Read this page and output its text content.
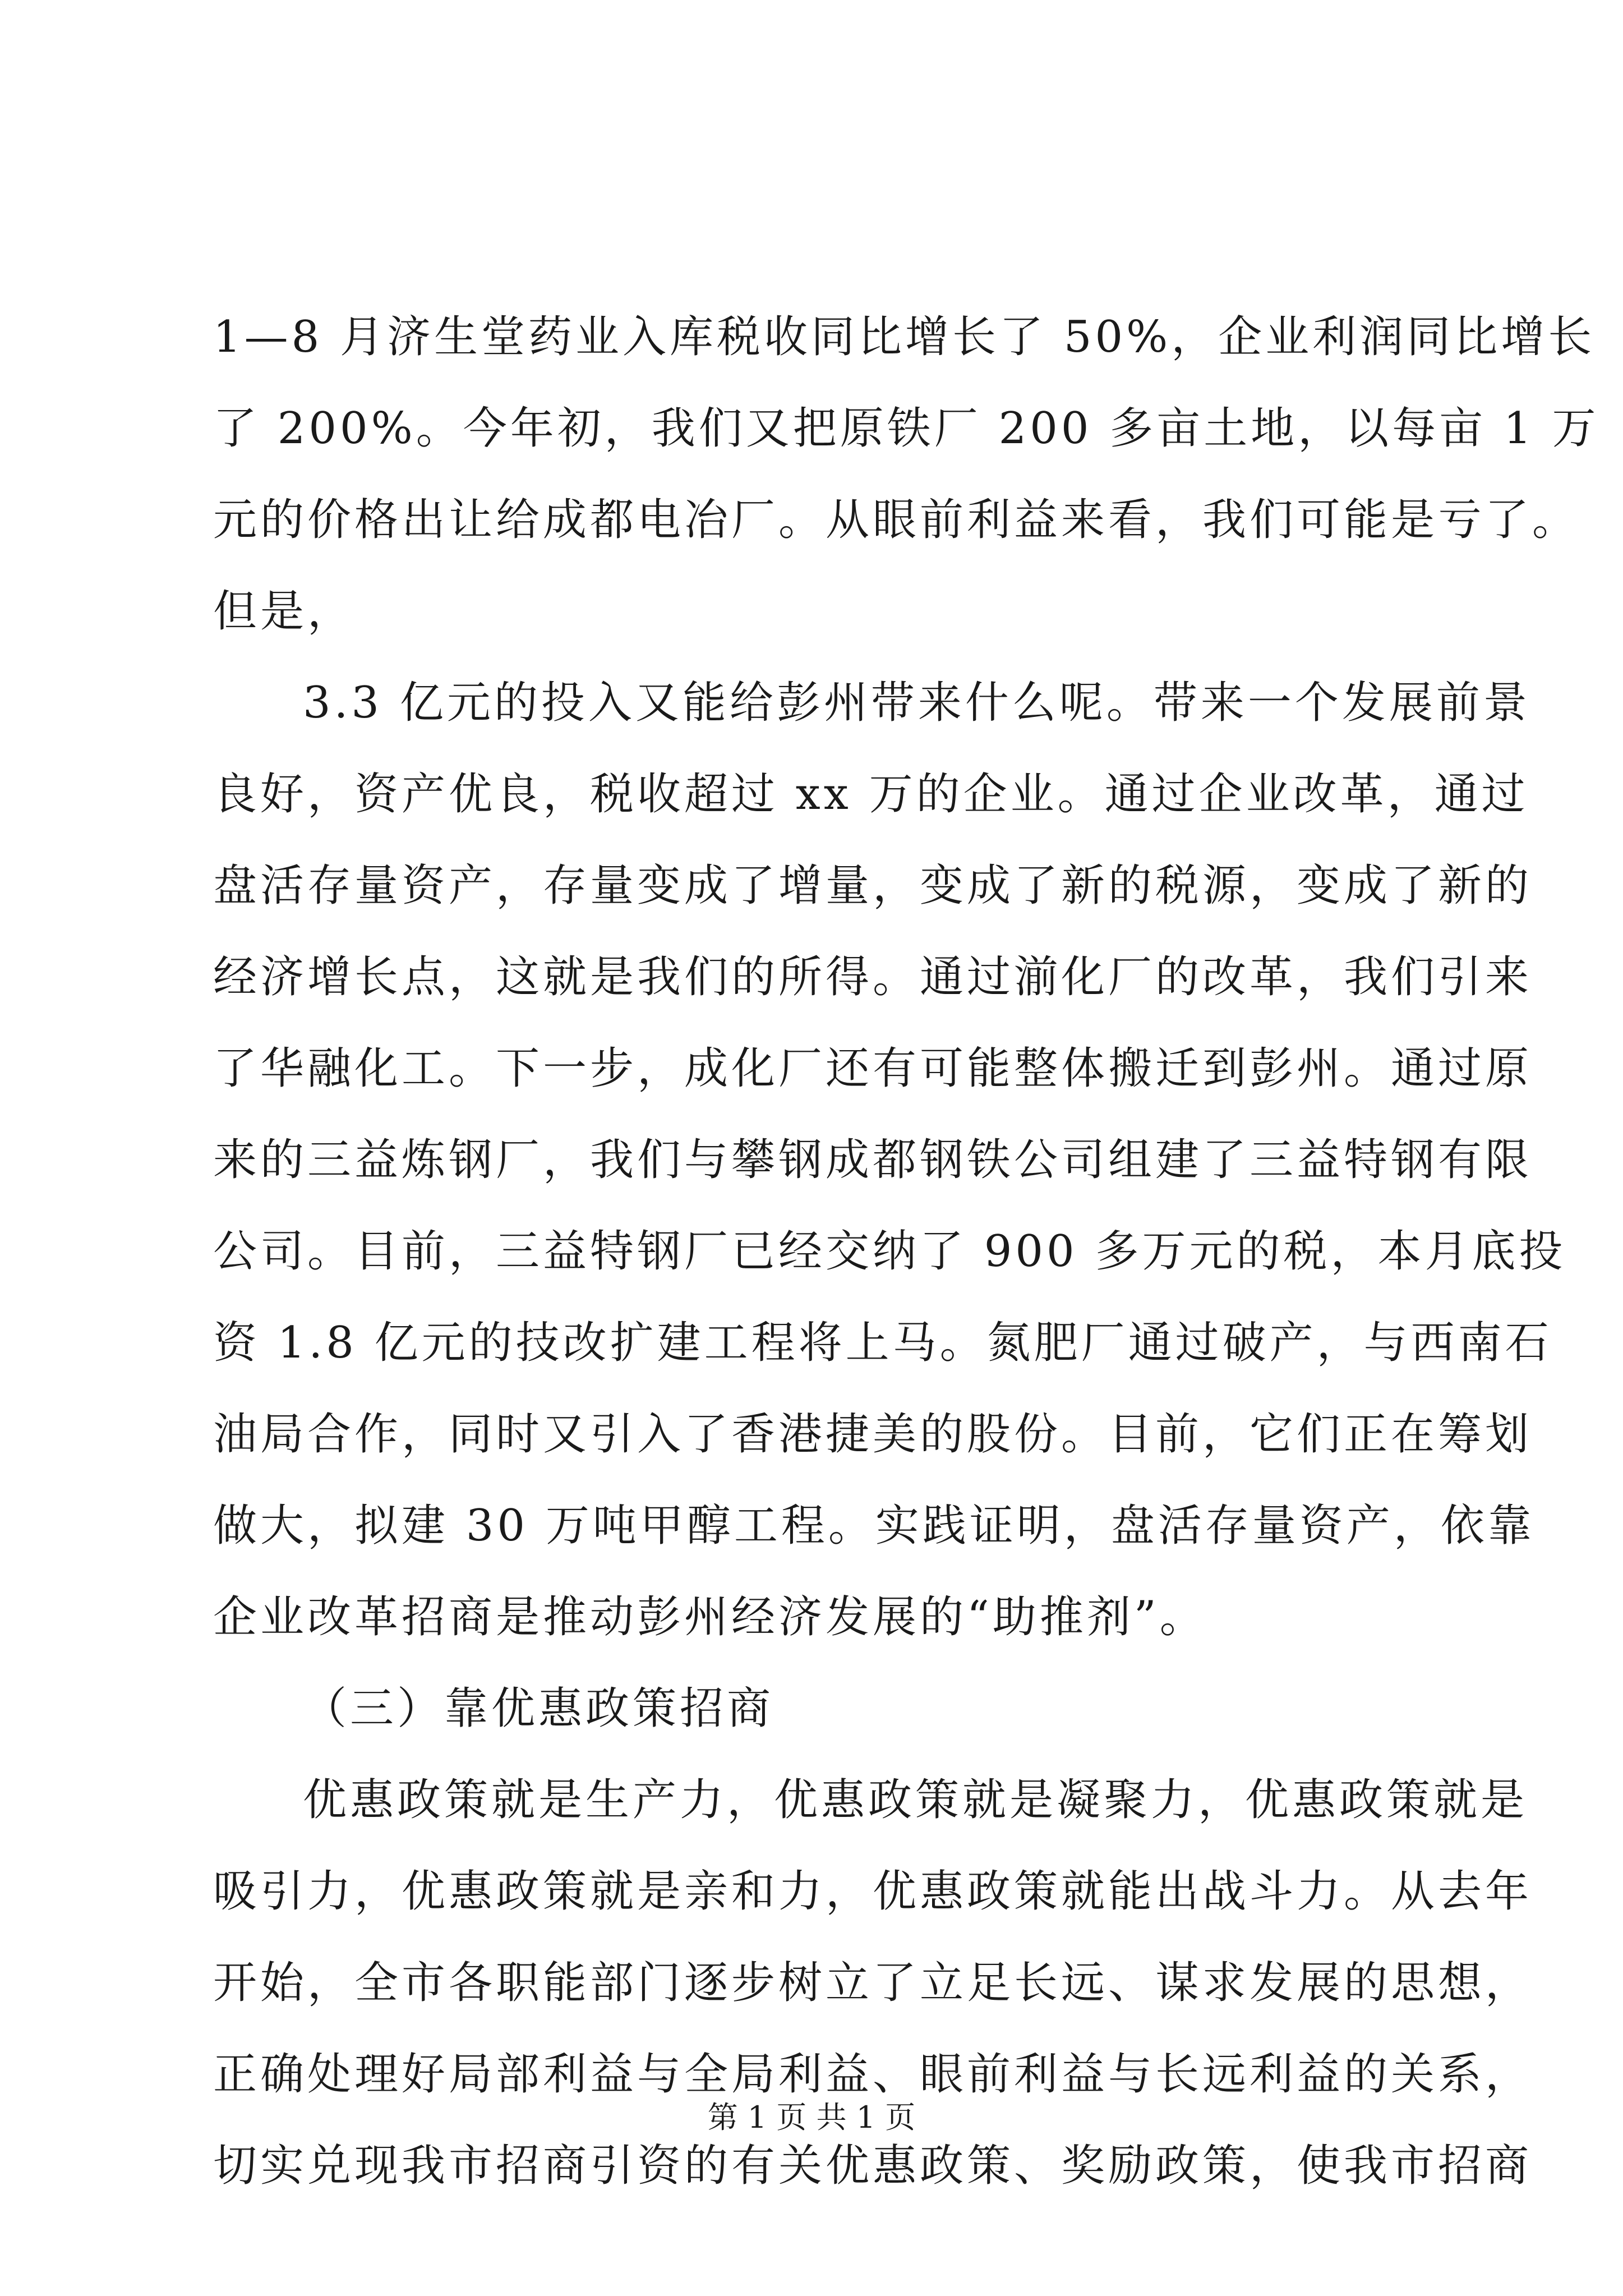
1—8 月济生堂药业入库税收同比增长了 50%，企业利润同比增长
了 200%。今年初，我们又把原铁厂 200 多亩土地，以每亩 1 万
元的价格出让给成都电冶厂。从眼前利益来看，我们可能是亏了。
但是，
3.3 亿元的投入又能给彭州带来什么呢。带来一个发展前景
良好，资产优良，税收超过 xx 万的企业。通过企业改革，通过
盘活存量资产，存量变成了增量，变成了新的税源，变成了新的
经济增长点，这就是我们的所得。通过湔化厂的改革，我们引来
了华融化工。下一步，成化厂还有可能整体搬迁到彭州。通过原
来的三益炼钢厂，我们与攀钢成都钢铁公司组建了三益特钢有限
公司。目前，三益特钢厂已经交纳了 900 多万元的税，本月底投
资 1.8 亿元的技改扩建工程将上马。氮肥厂通过破产，与西南石
油局合作，同时又引入了香港捷美的股份。目前，它们正在筹划
做大，拟建 30 万吨甲醇工程。实践证明，盘活存量资产，依靠
企业改革招商是推动彭州经济发展的“助推剂”。
（三）靠优惠政策招商
优惠政策就是生产力，优惠政策就是凝聚力，优惠政策就是
吸引力，优惠政策就是亲和力，优惠政策就能出战斗力。从去年
开始，全市各职能部门逐步树立了立足长远、谋求发展的思想，
正确处理好局部利益与全局利益、眼前利益与长远利益的关系，
切实兑现我市招商引资的有关优惠政策、奖励政策，使我市招商
第 1 页 共 1 页
